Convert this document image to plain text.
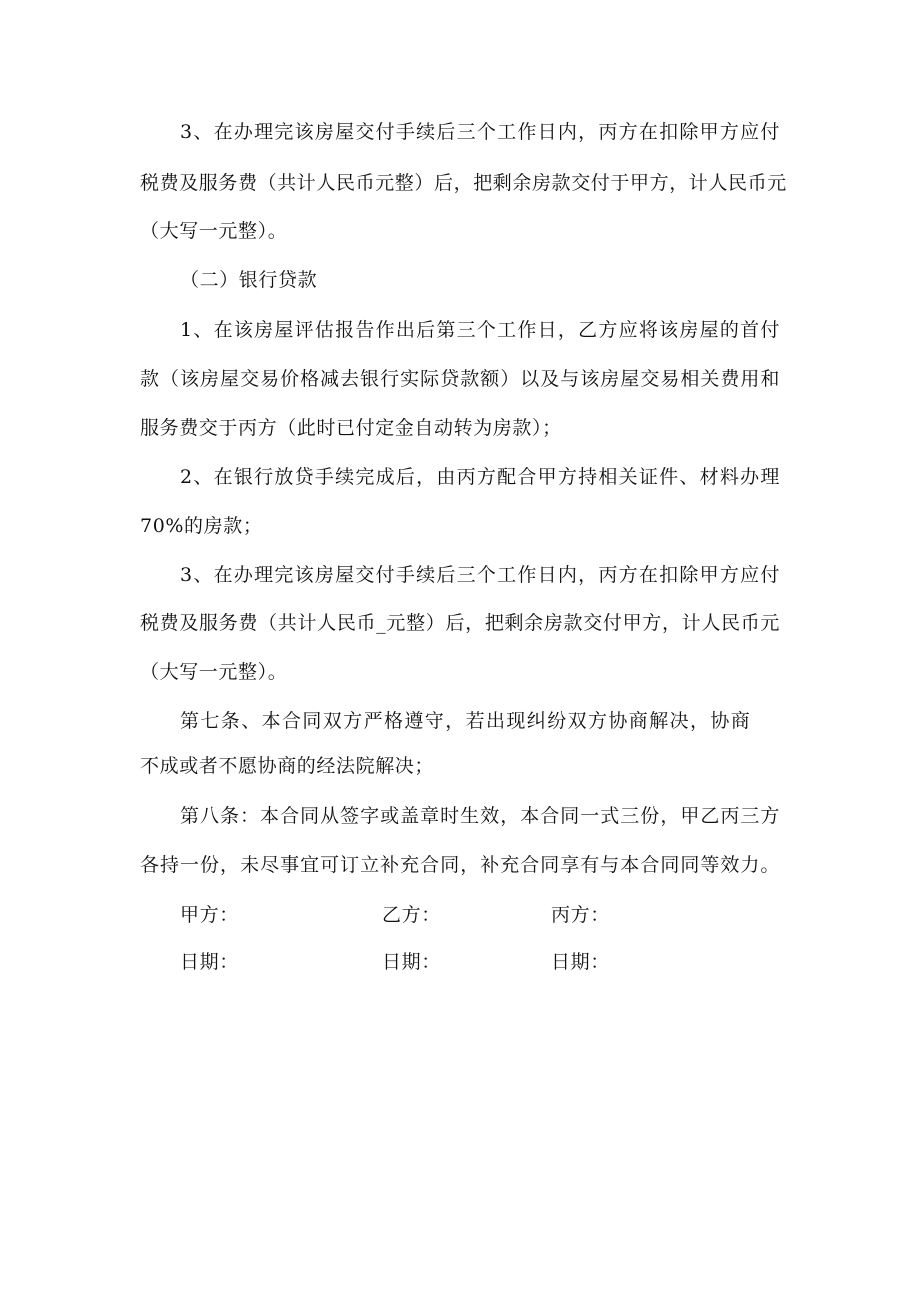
3、在办理完该房屋交付手续后三个工作日内，丙方在扣除甲方应付
税费及服务费（共计人民币元整）后，把剩余房款交付于甲方，计人民币元
（大写一元整）。
（二）银行贷款
1、在该房屋评估报告作出后第三个工作日，乙方应将该房屋的首付
款（该房屋交易价格减去银行实际贷款额）以及与该房屋交易相关费用和
服务费交于丙方（此时已付定金自动转为房款）；
2、在银行放贷手续完成后，由丙方配合甲方持相关证件、材料办理
70%的房款；
3、在办理完该房屋交付手续后三个工作日内，丙方在扣除甲方应付
税费及服务费（共计人民币_元整）后，把剩余房款交付甲方，计人民币元
（大写一元整）。
第七条、本合同双方严格遵守，若出现纠纷双方协商解决，协商
不成或者不愿协商的经法院解决；
第八条：本合同从签字或盖章时生效，本合同一式三份，甲乙丙三方
各持一份，未尽事宜可订立补充合同，补充合同享有与本合同同等效力。
甲方：	乙方：	丙方：
日期：	日期：	日期：
